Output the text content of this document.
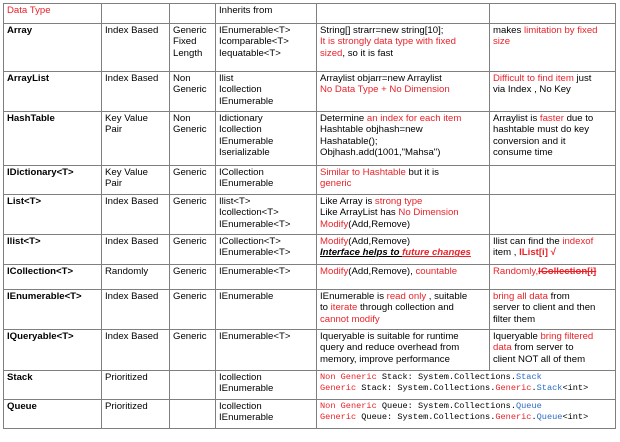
Data Type			Inherits from		
Array	Index Based	Generic
Fixed
Length	IEnumerable<T>
Icomparable<T>
Iequatable<T>	String[] strarr=new string[10];
It is strongly data type with fixed
sized, so it is fast	makes limitation by fixed
size

ArrayList	Index Based	Non
Generic	Ilist
Icollection
IEnumerable	Arraylist objarr=new Arraylist
No Data Type + No Dimension	Difficult to find item just
via Index , No Key

HashTable	Key Value
Pair	Non
Generic	Idictionary
Icollection
IEnumerable
Iserializable	Determine an index for each item
Hashtable objhash=new
Hashatable();
Objhash.add(1001,"Mahsa")	Arraylist is faster due to
hashtable must do key
conversion and it
consume time

IDictionary<T>	Key Value
Pair	Generic	ICollection
IEnumerable	Similar to Hashtable but it is
generic	

List<T>	Index Based	Generic	Ilist<T>
Icollection<T>
IEnumerable<T>	Like Array is strong type
Like ArrayList has No Dimension
Modify(Add,Remove)	

Ilist<T>	Index Based	Generic	ICollection<T>
IEnumerable<T>	Modify(Add,Remove)
Interface helps to future changes	Ilist can find the indexof
item , IList[i] √

ICollection<T>	Randomly	Generic	IEnumerable<T>	Modify(Add,Remove), countable	Randomly,ICollection[i]

IEnumerable<T>	Index Based	Generic	IEnumerable	IEnumerable is read only , suitable
to iterate through collection and
cannot modify	bring all data from
server to client and then
filter them

IQueryable<T>	Index Based	Generic	IEnumerable<T>	Iqueryable is suitable for runtime
query and reduce overhead from
memory, improve performance	Iqueryable bring filtered
data from server to
client NOT all of them

Stack	Prioritized		Icollection
IEnumerable	Non Generic Stack: System.Collections.Stack
Generic Stack: System.Collections.Generic.Stack<int>	

Queue	Prioritized		Icollection
IEnumerable	Non Generic Queue: System.Collections.Queue
Generic Queue: System.Collections.Generic.Queue<int>	
